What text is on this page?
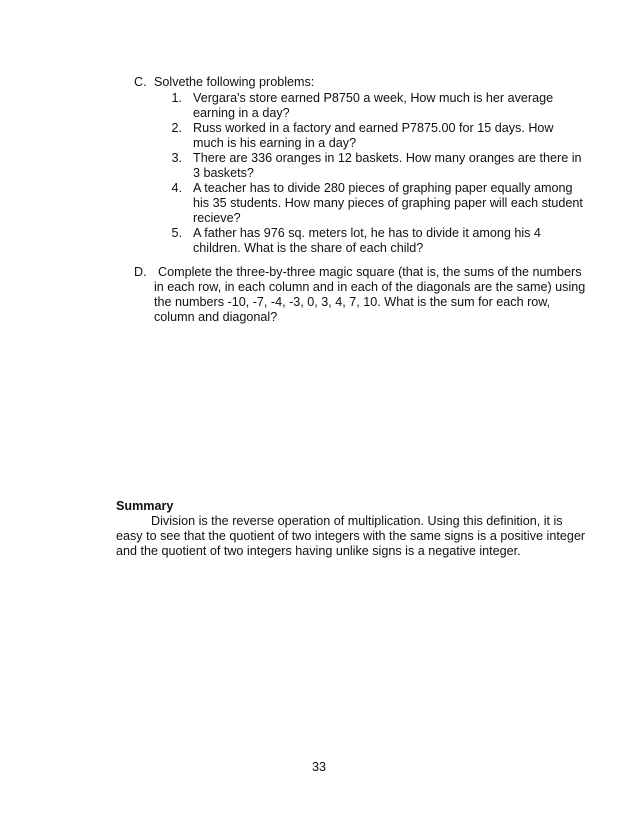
C. Solvethe following problems:
1. Vergara's store earned P8750 a week, How much is her average
earning in a day?
2. Russ worked in a factory and earned P7875.00 for 15 days. How
much is his earning in a day?
3. There are 336 oranges in 12 baskets. How many oranges are there in
3 baskets?
4. A teacher has to divide 280 pieces of graphing paper equally among
his 35 students. How many pieces of graphing paper will each student
recieve?
5. A father has 976 sq. meters lot, he has to divide it among his 4
children. What is the share of each child?
D. Complete the three-by-three magic square (that is, the sums of the numbers
in each row, in each column and in each of the diagonals are the same) using
the numbers -10, -7, -4, -3, 0, 3, 4, 7, 10. What is the sum for each row,
column and diagonal?
Summary
Division is the reverse operation of multiplication. Using this definition, it is
easy to see that the quotient of two integers with the same signs is a positive integer
and the quotient of two integers having unlike signs is a negative integer.
33
